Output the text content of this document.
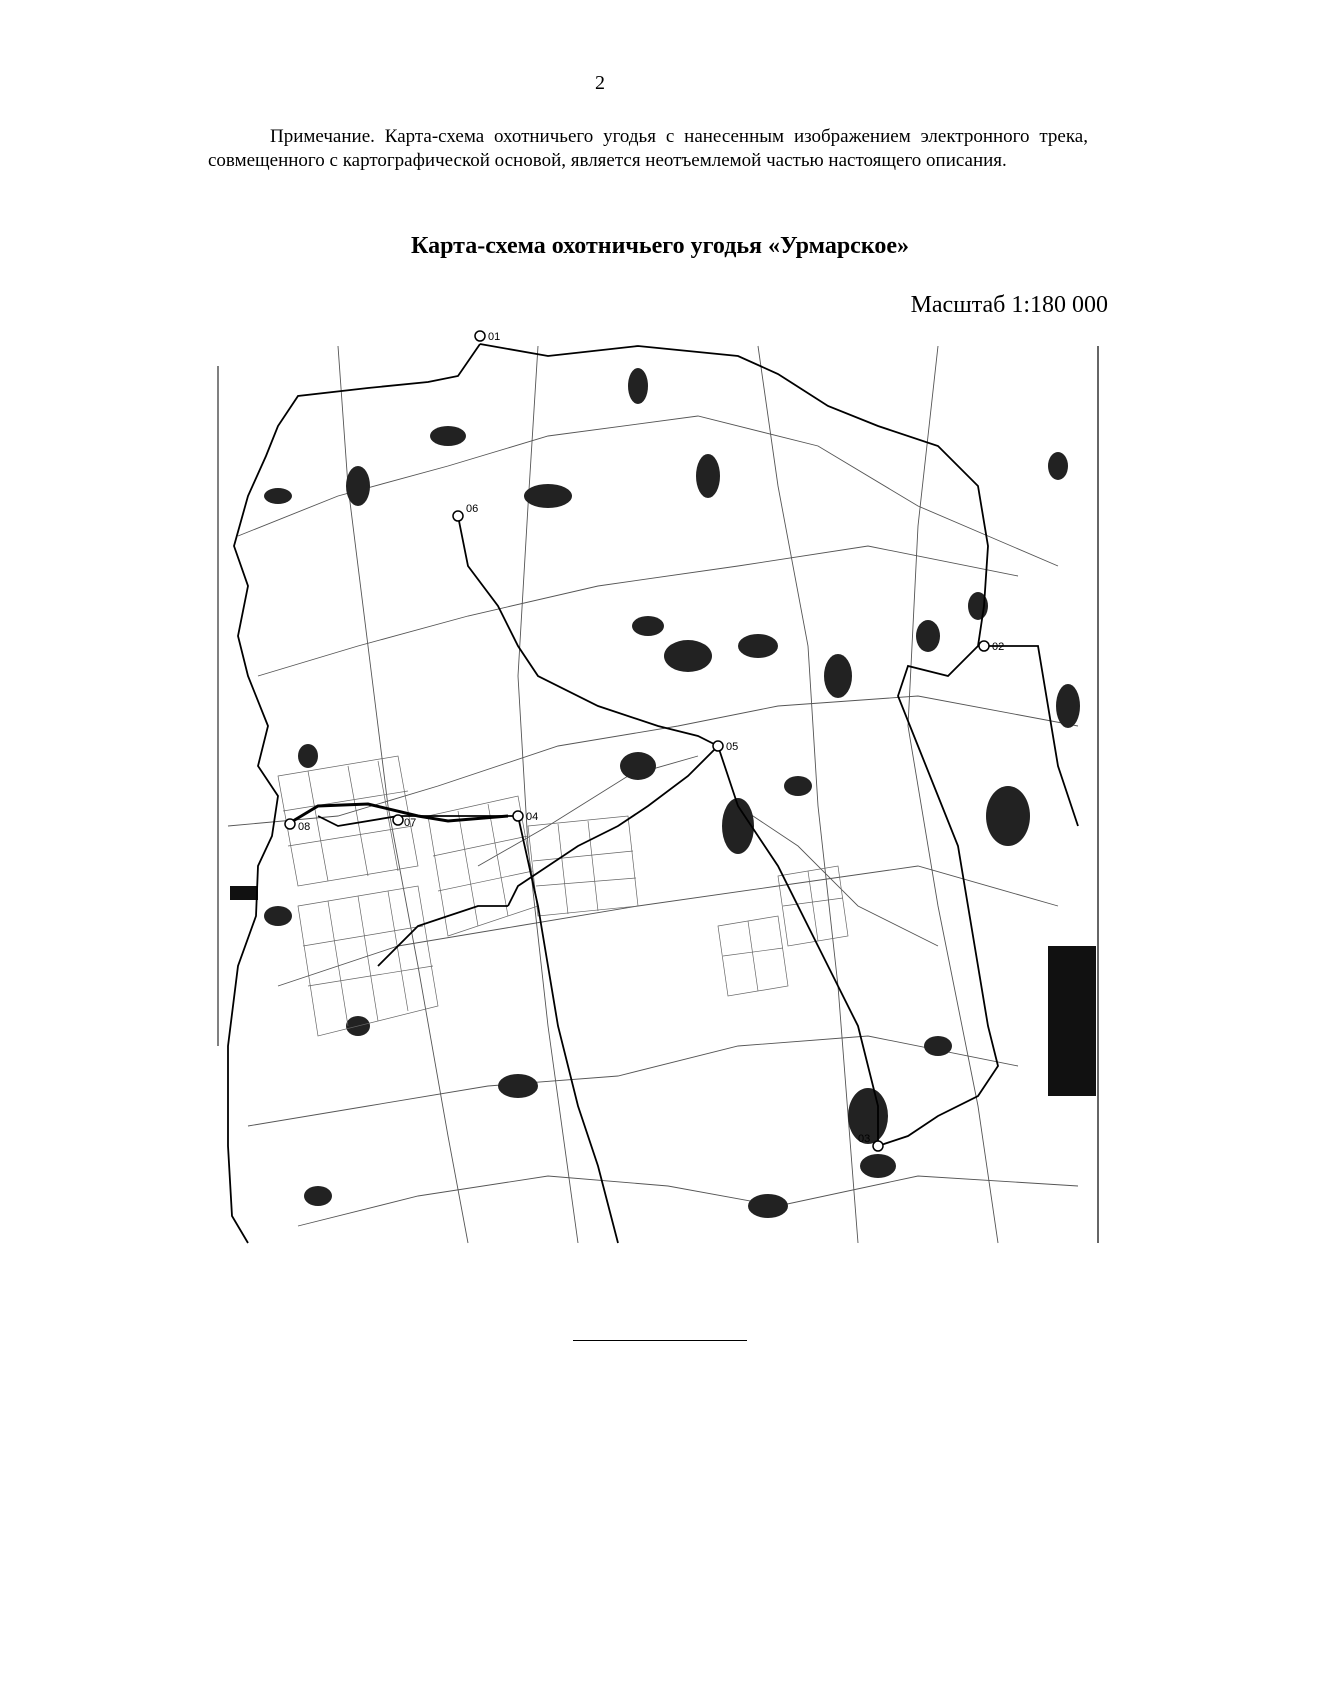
2
Примечание. Карта-схема охотничьего угодья с нанесенным изображением электронного трека, совмещенного с картографической основой, является неотъемлемой частью настоящего описания.
Карта-схема охотничьего угодья «Урмарское»
Масштаб 1:180 000
01
02
03
04
05
06
07
08
